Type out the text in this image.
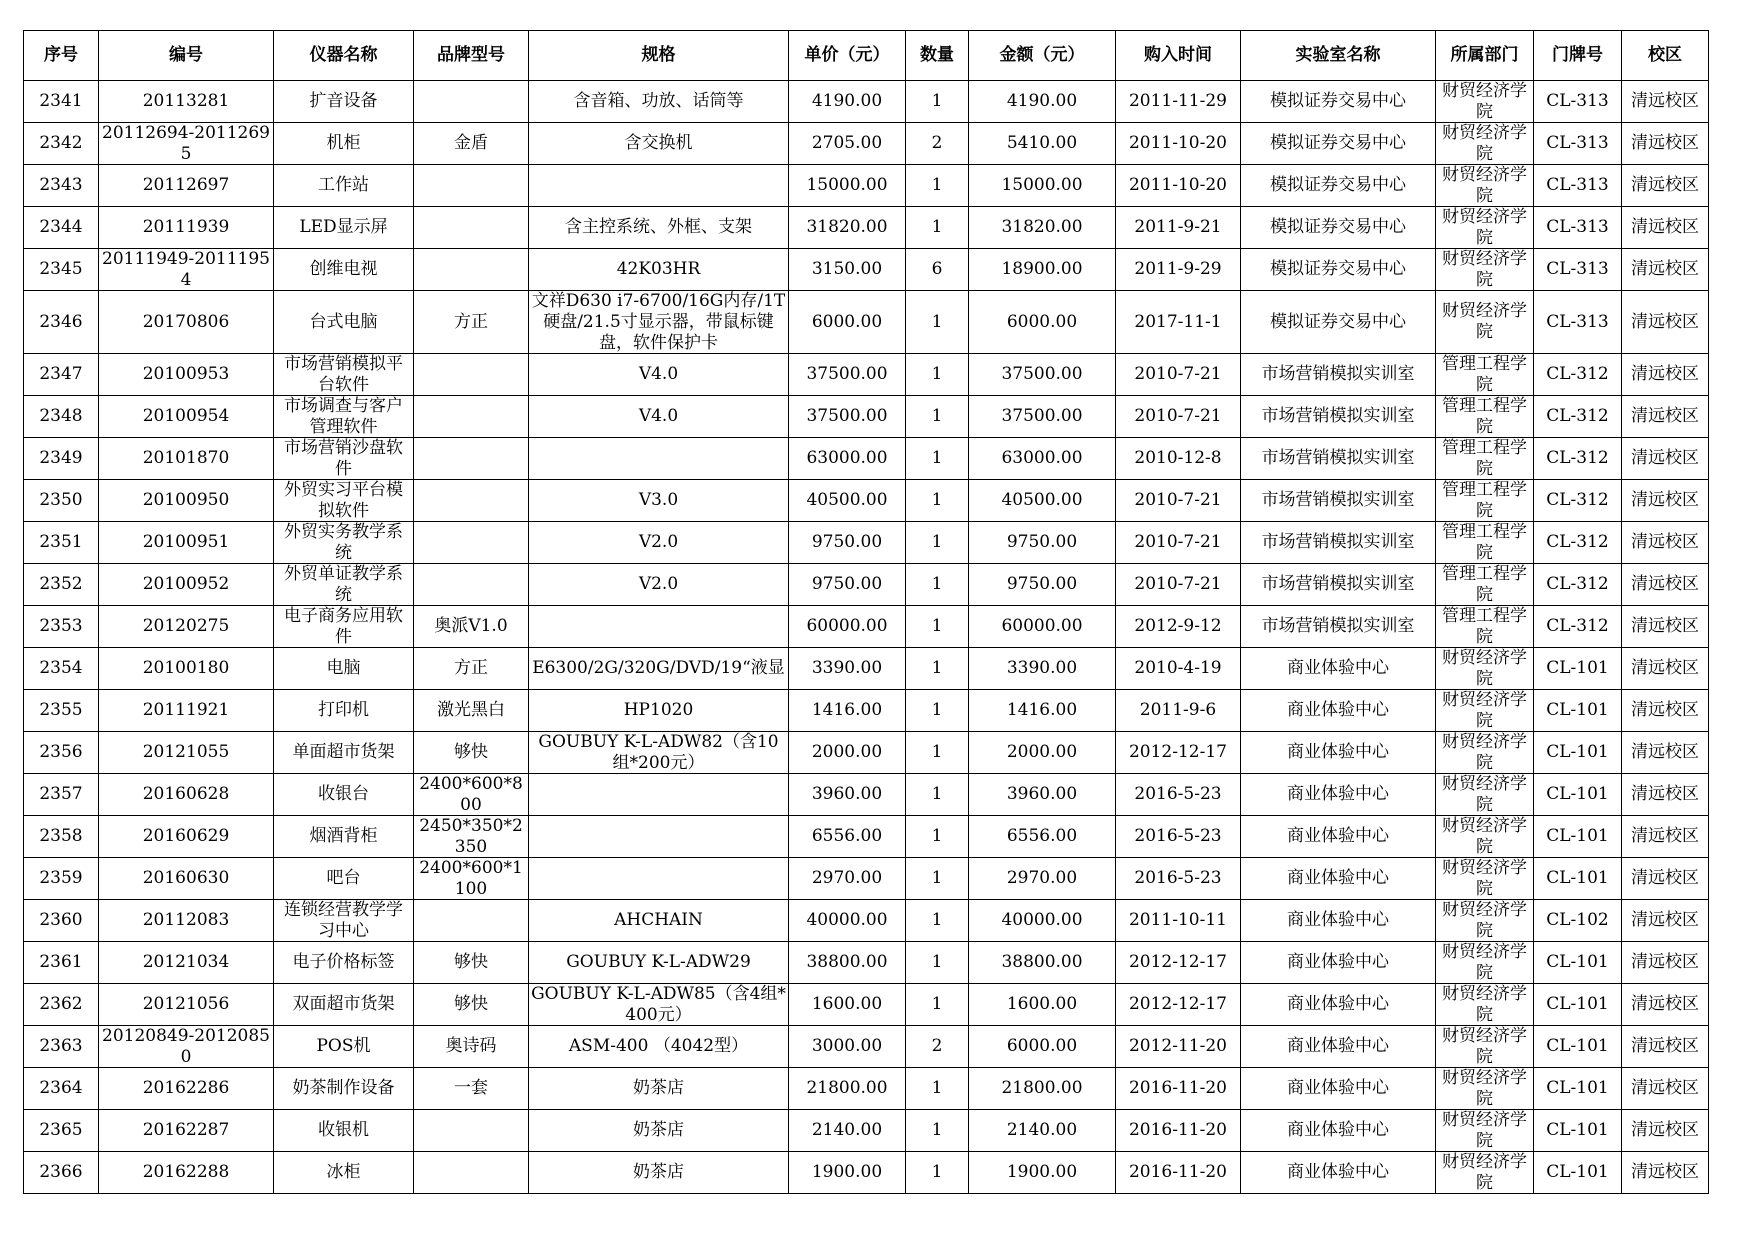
序号	编号	仪器名称	品牌型号	规格	单价（元）	数量	金额（元）	购入时间	实验室名称	所属部门	门牌号	校区

2341	20113281	扩音设备		含音箱、功放、话筒等	4190.00	1	4190.00	2011-11-29	模拟证券交易中心	财贸经济学院	CL-313	清远校区

2342	20112694-20112695	机柜	金盾	含交换机	2705.00	2	5410.00	2011-10-20	模拟证券交易中心	财贸经济学院	CL-313	清远校区

2343	20112697	工作站			15000.00	1	15000.00	2011-10-20	模拟证券交易中心	财贸经济学院	CL-313	清远校区

2344	20111939	LED显示屏		含主控系统、外框、支架	31820.00	1	31820.00	2011-9-21	模拟证券交易中心	财贸经济学院	CL-313	清远校区

2345	20111949-20111954	创维电视		42K03HR	3150.00	6	18900.00	2011-9-29	模拟证券交易中心	财贸经济学院	CL-313	清远校区

2346	20170806	台式电脑	方正	文祥D630 i7-6700/16G内存/1T硬盘/21.5寸显示器，带鼠标键盘，软件保护卡	6000.00	1	6000.00	2017-11-1	模拟证券交易中心	财贸经济学院	CL-313	清远校区

2347	20100953	市场营销模拟平台软件		V4.0	37500.00	1	37500.00	2010-7-21	市场营销模拟实训室	管理工程学院	CL-312	清远校区

2348	20100954	市场调查与客户管理软件		V4.0	37500.00	1	37500.00	2010-7-21	市场营销模拟实训室	管理工程学院	CL-312	清远校区

2349	20101870	市场营销沙盘软件			63000.00	1	63000.00	2010-12-8	市场营销模拟实训室	管理工程学院	CL-312	清远校区

2350	20100950	外贸实习平台模拟软件		V3.0	40500.00	1	40500.00	2010-7-21	市场营销模拟实训室	管理工程学院	CL-312	清远校区

2351	20100951	外贸实务教学系统		V2.0	9750.00	1	9750.00	2010-7-21	市场营销模拟实训室	管理工程学院	CL-312	清远校区

2352	20100952	外贸单证教学系统		V2.0	9750.00	1	9750.00	2010-7-21	市场营销模拟实训室	管理工程学院	CL-312	清远校区

2353	20120275	电子商务应用软件	奥派V1.0		60000.00	1	60000.00	2012-9-12	市场营销模拟实训室	管理工程学院	CL-312	清远校区

2354	20100180	电脑	方正	E6300/2G/320G/DVD/19“液显	3390.00	1	3390.00	2010-4-19	商业体验中心	财贸经济学院	CL-101	清远校区

2355	20111921	打印机	激光黑白	HP1020	1416.00	1	1416.00	2011-9-6	商业体验中心	财贸经济学院	CL-101	清远校区

2356	20121055	单面超市货架	够快	GOUBUY K-L-ADW82（含10组*200元）	2000.00	1	2000.00	2012-12-17	商业体验中心	财贸经济学院	CL-101	清远校区

2357	20160628	收银台	2400*600*800		3960.00	1	3960.00	2016-5-23	商业体验中心	财贸经济学院	CL-101	清远校区

2358	20160629	烟酒背柜	2450*350*2350		6556.00	1	6556.00	2016-5-23	商业体验中心	财贸经济学院	CL-101	清远校区

2359	20160630	吧台	2400*600*1100		2970.00	1	2970.00	2016-5-23	商业体验中心	财贸经济学院	CL-101	清远校区

2360	20112083	连锁经营教学学习中心		AHCHAIN	40000.00	1	40000.00	2011-10-11	商业体验中心	财贸经济学院	CL-102	清远校区

2361	20121034	电子价格标签	够快	GOUBUY K-L-ADW29	38800.00	1	38800.00	2012-12-17	商业体验中心	财贸经济学院	CL-101	清远校区

2362	20121056	双面超市货架	够快	GOUBUY K-L-ADW85（含4组*400元）	1600.00	1	1600.00	2012-12-17	商业体验中心	财贸经济学院	CL-101	清远校区

2363	20120849-20120850	POS机	奥诗码	ASM-400 （4042型）	3000.00	2	6000.00	2012-11-20	商业体验中心	财贸经济学院	CL-101	清远校区

2364	20162286	奶茶制作设备	一套	奶茶店	21800.00	1	21800.00	2016-11-20	商业体验中心	财贸经济学院	CL-101	清远校区

2365	20162287	收银机		奶茶店	2140.00	1	2140.00	2016-11-20	商业体验中心	财贸经济学院	CL-101	清远校区

2366	20162288	冰柜		奶茶店	1900.00	1	1900.00	2016-11-20	商业体验中心	财贸经济学院	CL-101	清远校区
